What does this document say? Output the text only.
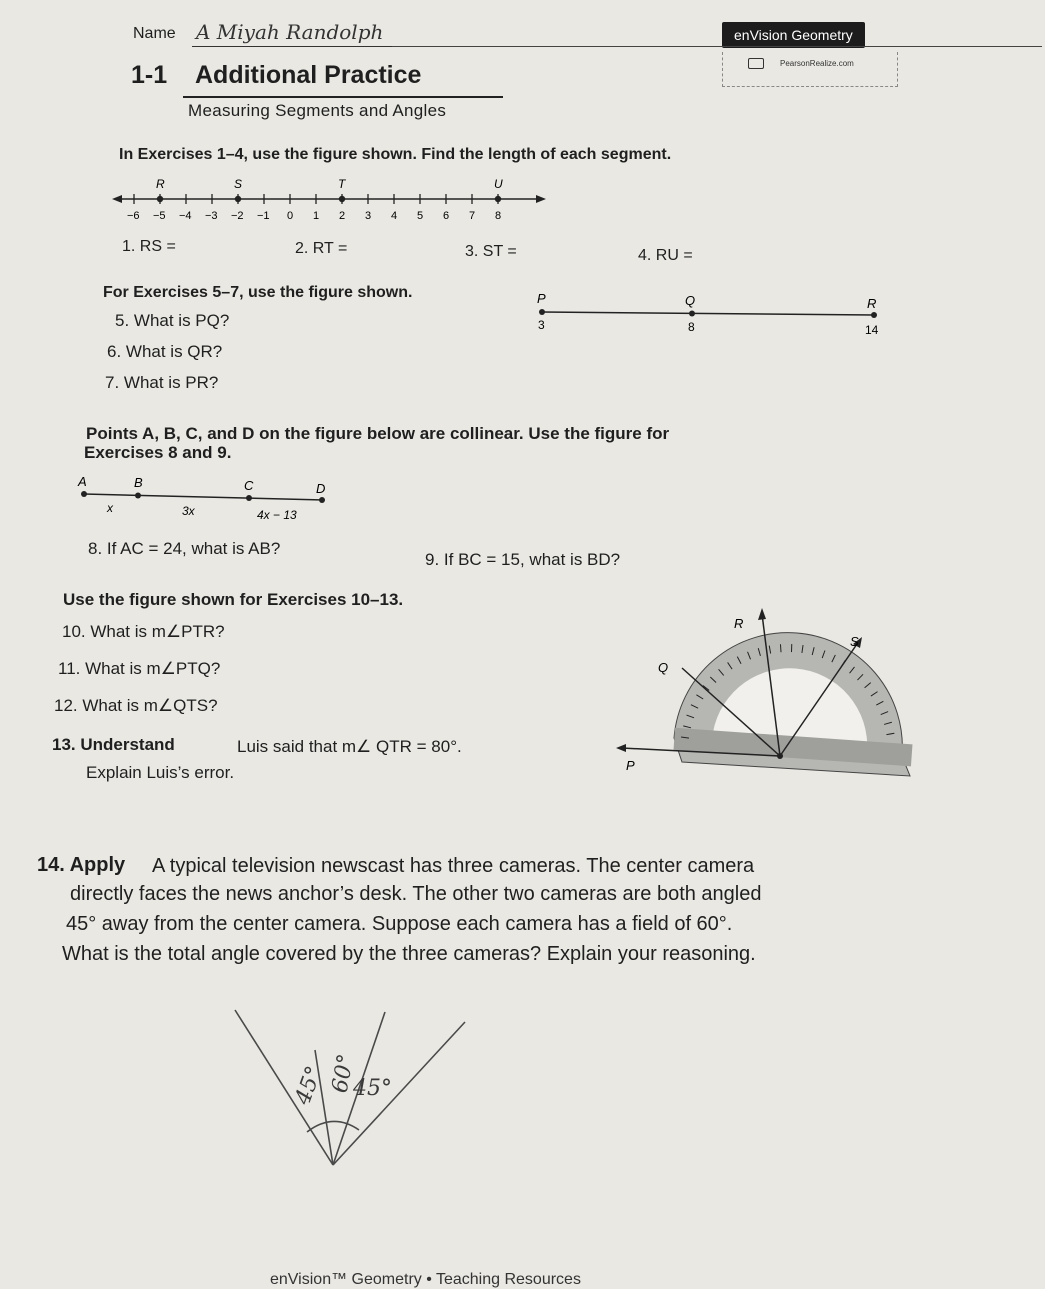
Name A Miyah Randolph	enVision Geometry
PearsonRealize.com
1-1 Additional Practice
Measuring Segments and Angles
In Exercises 1–4, use the figure shown. Find the length of each segment.
−6 −5 −4 −3 −2 −1 0 1 2 3 4 5 6 7 8
R	S	T	U
1. RS =	2. RT =	3. ST =	4. RU =
For Exercises 5–7, use the figure shown.	P	Q	R
3	8	14
5. What is PQ?
6. What is QR?
7. What is PR?
Points A, B, C, and D on the figure below are collinear. Use the figure for
Exercises 8 and 9.
A	B	C	D
x	3x	4x − 13
8. If AC = 24, what is AB?
9. If BC = 15, what is BD?
Use the figure shown for Exercises 10–13.
10. What is m∠PTR?
11. What is m∠PTQ?
12. What is m∠QTS?
13. Understand	Luis said that m∠ QTR = 80°.
Explain Luis’s error.
R
S
Q
P
14. Apply A typical television newscast has three cameras. The center camera
directly faces the news anchor’s desk. The other two cameras are both angled
45° away from the center camera. Suppose each camera has a field of 60°.
What is the total angle covered by the three cameras? Explain your reasoning.
45° 60°
45°
enVision™ Geometry • Teaching Resources
